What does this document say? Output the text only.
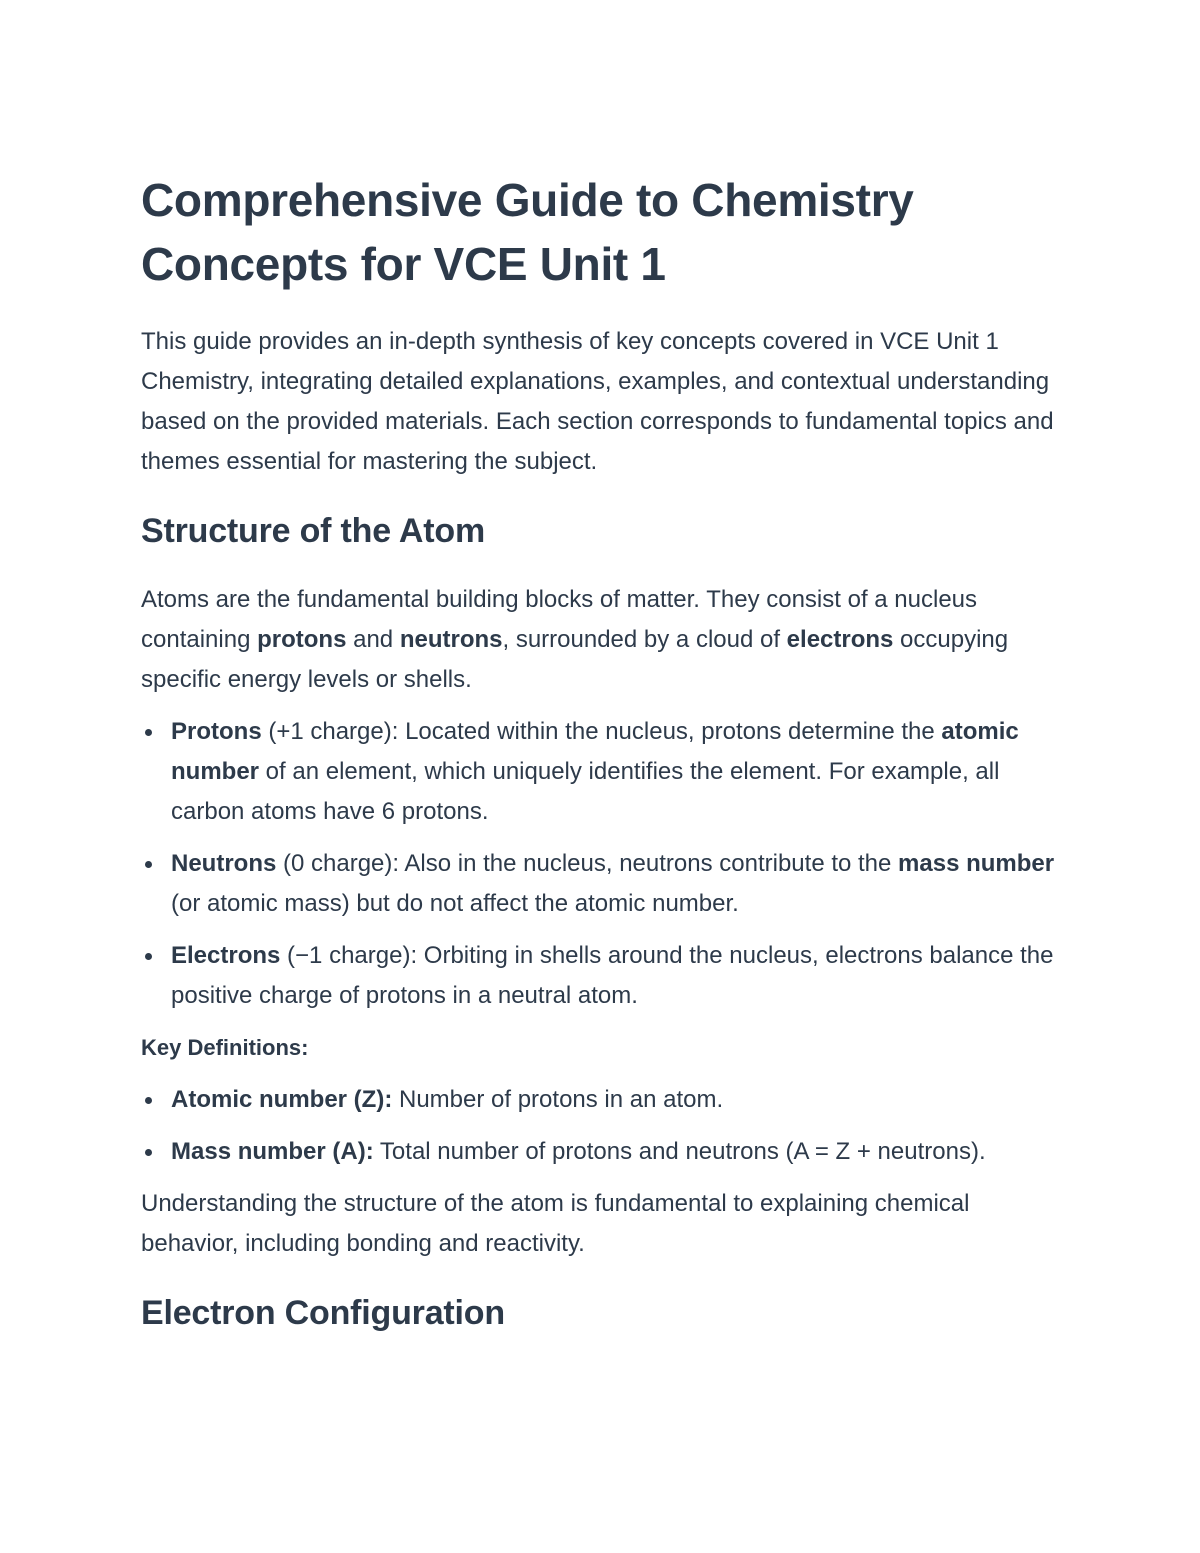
Comprehensive Guide to Chemistry Concepts for VCE Unit 1

This guide provides an in-depth synthesis of key concepts covered in VCE Unit 1 Chemistry, integrating detailed explanations, examples, and contextual understanding based on the provided materials. Each section corresponds to fundamental topics and themes essential for mastering the subject.

Structure of the Atom

Atoms are the fundamental building blocks of matter. They consist of a nucleus containing protons and neutrons, surrounded by a cloud of electrons occupying specific energy levels or shells.

Protons (+1 charge): Located within the nucleus, protons determine the atomic number of an element, which uniquely identifies the element. For example, all carbon atoms have 6 protons.
Neutrons (0 charge): Also in the nucleus, neutrons contribute to the mass number (or atomic mass) but do not affect the atomic number.
Electrons (−1 charge): Orbiting in shells around the nucleus, electrons balance the positive charge of protons in a neutral atom.

Key Definitions:

Atomic number (Z): Number of protons in an atom.
Mass number (A): Total number of protons and neutrons (A = Z + neutrons).

Understanding the structure of the atom is fundamental to explaining chemical behavior, including bonding and reactivity.

Electron Configuration
